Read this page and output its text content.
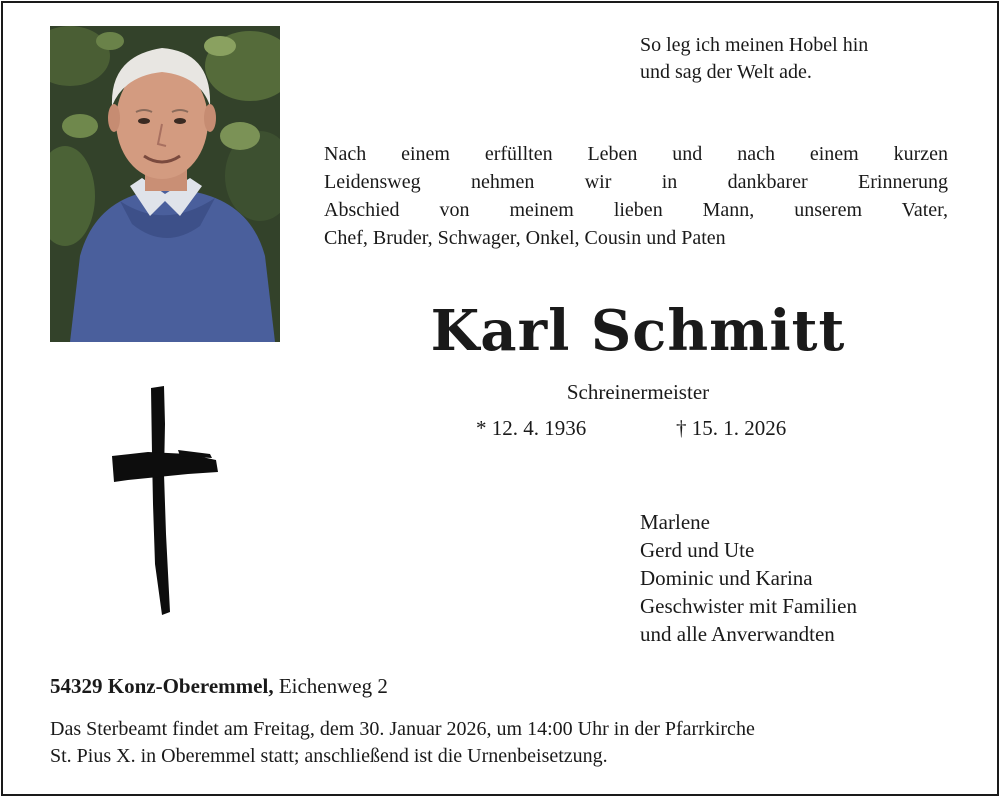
So leg ich meinen Hobel hin
und sag der Welt ade.
Nach einem erfüllten Leben und nach einem kurzen
Leidensweg nehmen wir in dankbarer Erinnerung
Abschied von meinem lieben Mann, unserem Vater,
Chef, Bruder, Schwager, Onkel, Cousin und Paten
Karl Schmitt
Schreinermeister
* 12. 4. 1936	† 15. 1. 2026
Marlene
Gerd und Ute
Dominic und Karina
Geschwister mit Familien
und alle Anverwandten
54329 Konz-Oberemmel, Eichenweg 2
Das Sterbeamt findet am Freitag, dem 30. Januar 2026, um 14:00 Uhr in der Pfarrkirche
St. Pius X. in Oberemmel statt; anschließend ist die Urnenbeisetzung.
